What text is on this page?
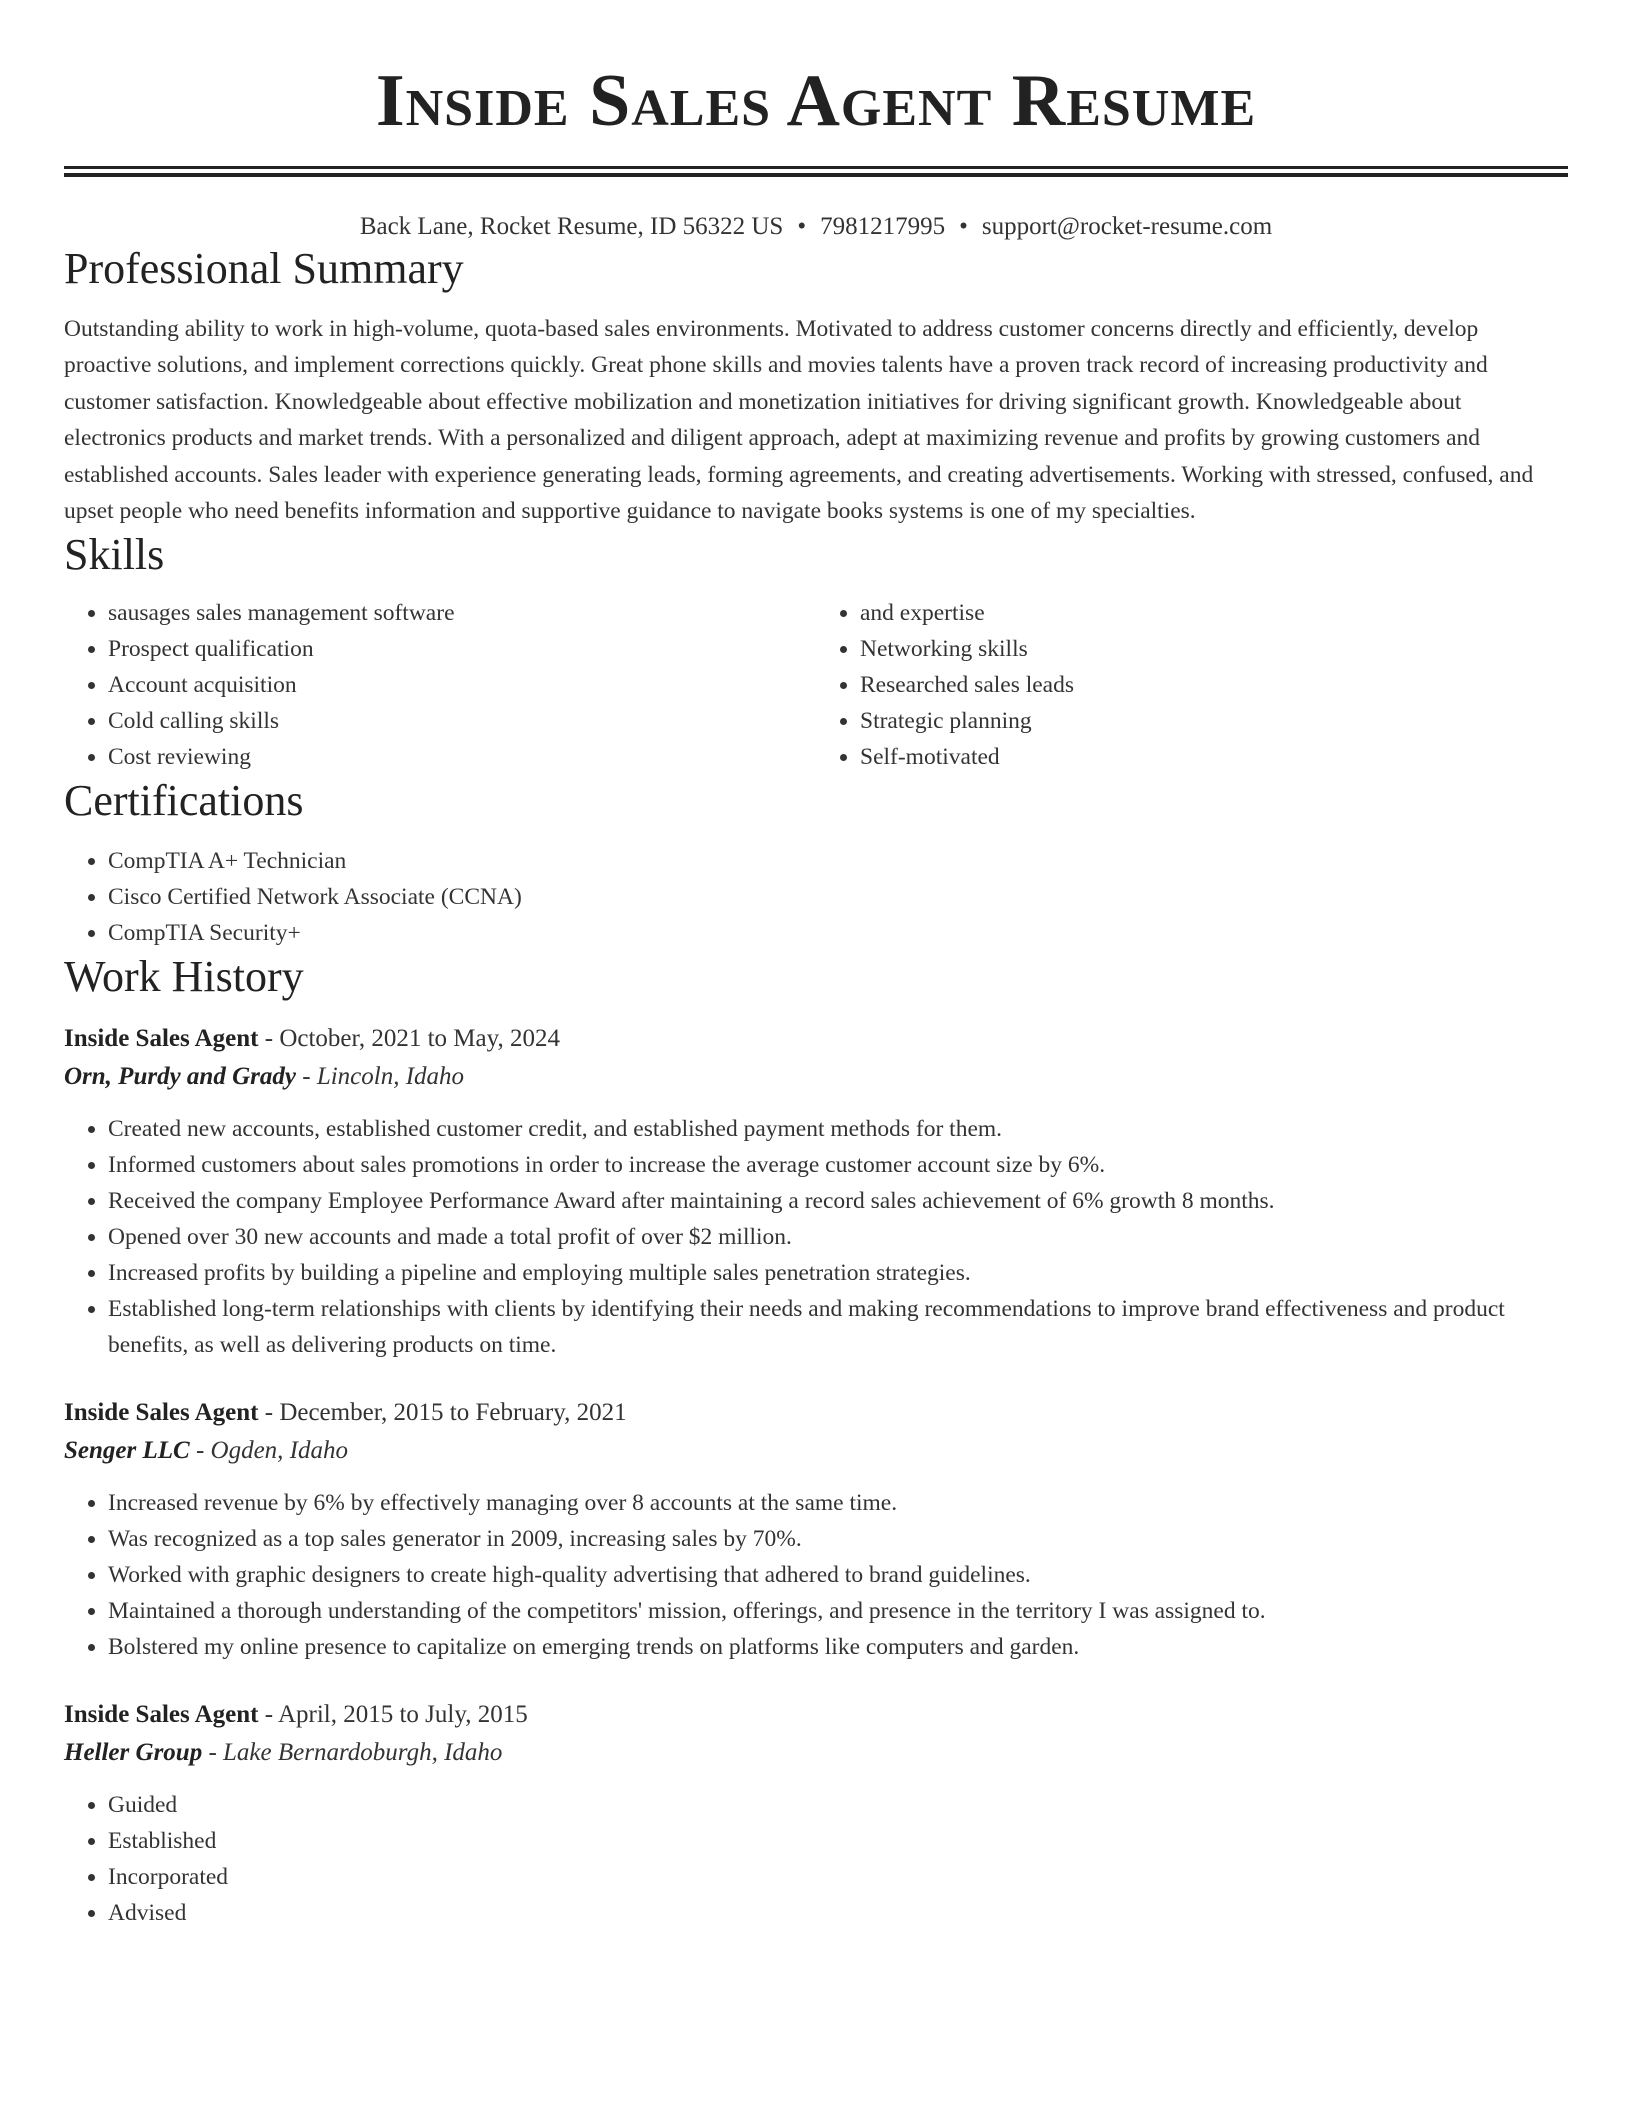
Inside Sales Agent Resume
Back Lane, Rocket Resume, ID 56322 US • 7981217995 • support@rocket-resume.com
Professional Summary

Outstanding ability to work in high-volume, quota-based sales environments. Motivated to address customer concerns directly and efficiently, develop proactive solutions, and implement corrections quickly. Great phone skills and movies talents have a proven track record of increasing productivity and customer satisfaction. Knowledgeable about effective mobilization and monetization initiatives for driving significant growth. Knowledgeable about electronics products and market trends. With a personalized and diligent approach, adept at maximizing revenue and profits by growing customers and established accounts. Sales leader with experience generating leads, forming agreements, and creating advertisements. Working with stressed, confused, and upset people who need benefits information and supportive guidance to navigate books systems is one of my specialties.

Skills
• sausages sales management software
• Prospect qualification
• Account acquisition
• Cold calling skills
• Cost reviewing
• and expertise
• Networking skills
• Researched sales leads
• Strategic planning
• Self-motivated
Certifications
• CompTIA A+ Technician
• Cisco Certified Network Associate (CCNA)
• CompTIA Security+
Work History
Inside Sales Agent - October, 2021 to May, 2024
Orn, Purdy and Grady - Lincoln, Idaho
• Created new accounts, established customer credit, and established payment methods for them.
• Informed customers about sales promotions in order to increase the average customer account size by 6%.
• Received the company Employee Performance Award after maintaining a record sales achievement of 6% growth 8 months.
• Opened over 30 new accounts and made a total profit of over $2 million.
• Increased profits by building a pipeline and employing multiple sales penetration strategies.
• Established long-term relationships with clients by identifying their needs and making recommendations to improve brand effectiveness and product benefits, as well as delivering products on time.
Inside Sales Agent - December, 2015 to February, 2021
Senger LLC - Ogden, Idaho
• Increased revenue by 6% by effectively managing over 8 accounts at the same time.
• Was recognized as a top sales generator in 2009, increasing sales by 70%.
• Worked with graphic designers to create high-quality advertising that adhered to brand guidelines.
• Maintained a thorough understanding of the competitors' mission, offerings, and presence in the territory I was assigned to.
• Bolstered my online presence to capitalize on emerging trends on platforms like computers and garden.
Inside Sales Agent - April, 2015 to July, 2015
Heller Group - Lake Bernardoburgh, Idaho
• Guided
• Established
• Incorporated
• Advised
